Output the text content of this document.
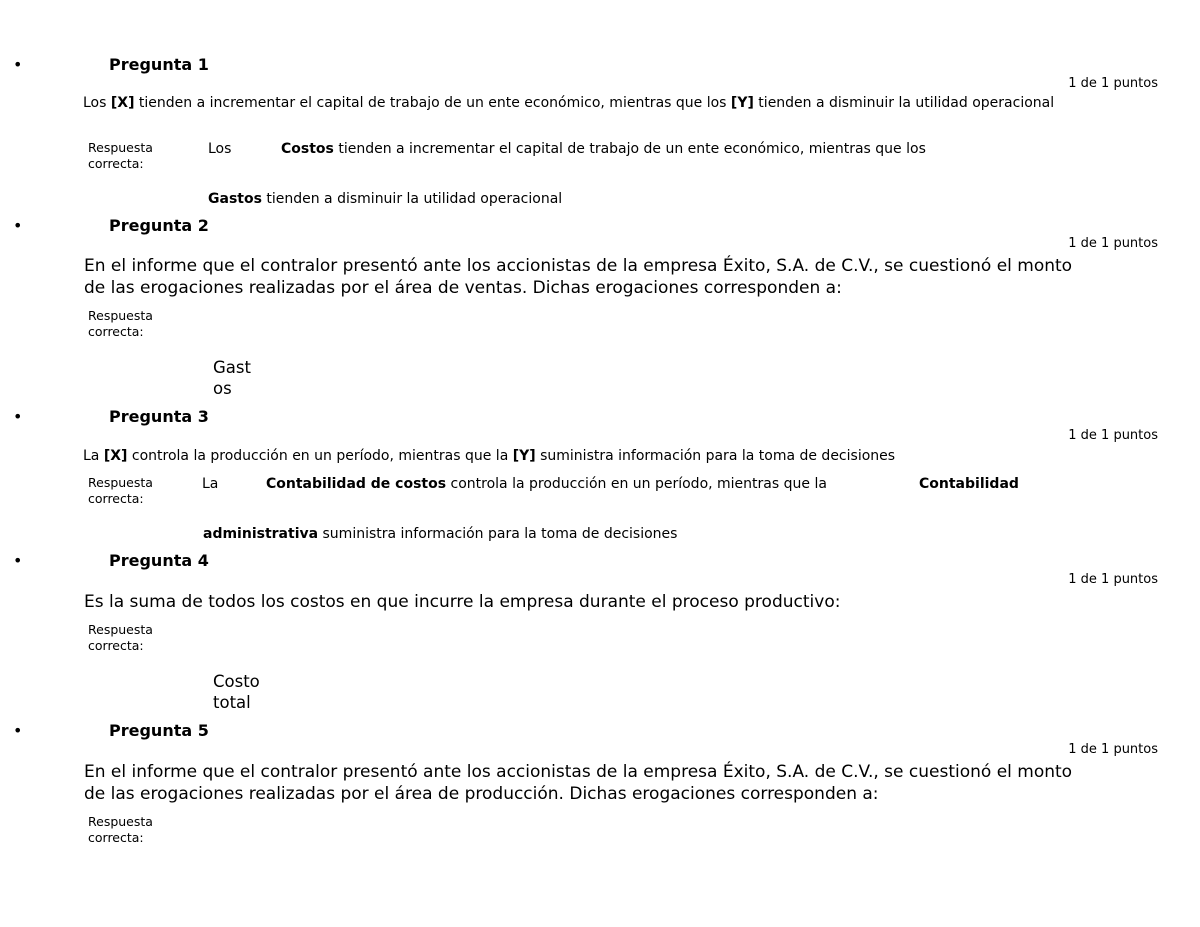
•	Pregunta 1
1 de 1 puntos
Los [X] tienden a incrementar el capital de trabajo de un ente económico, mientras que los [Y] tienden a disminuir la utilidad operacional
Respuesta correcta:
Los	Costos tienden a incrementar el capital de trabajo de un ente económico, mientras que los
Gastos tienden a disminuir la utilidad operacional
•	Pregunta 2
1 de 1 puntos
En el informe que el contralor presentó ante los accionistas de la empresa Éxito, S.A. de C.V., se cuestionó el monto de las erogaciones realizadas por el área de ventas. Dichas erogaciones corresponden a:
Respuesta correcta:
Gast
os
•	Pregunta 3
1 de 1 puntos
La [X] controla la producción en un período, mientras que la [Y] suministra información para la toma de decisiones
Respuesta correcta:
La	Contabilidad de costos controla la producción en un período, mientras que la	Contabilidad
administrativa suministra información para la toma de decisiones
•	Pregunta 4
1 de 1 puntos
Es la suma de todos los costos en que incurre la empresa durante el proceso productivo:
Respuesta correcta:
Costo
total
•	Pregunta 5
1 de 1 puntos
En el informe que el contralor presentó ante los accionistas de la empresa Éxito, S.A. de C.V., se cuestionó el monto de las erogaciones realizadas por el área de producción. Dichas erogaciones corresponden a:
Respuesta correcta:
